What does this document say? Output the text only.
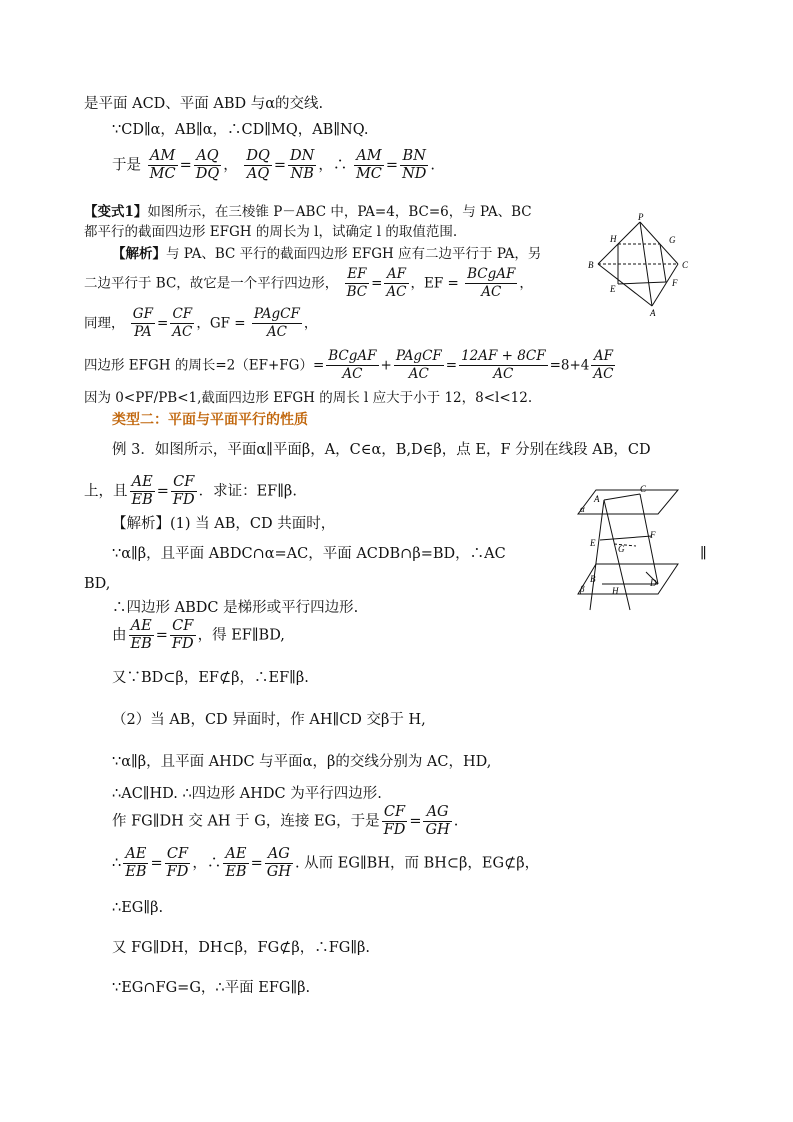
是平面 ACD、平面 ABD 与α的交线.
∵CD∥α，AB∥α，∴CD∥MQ，AB∥NQ.
于是 $\frac{AM}{MC} = \frac{AQ}{DQ}$ ， $\frac{DQ}{AQ} = \frac{DN}{NB}$ ，∴ $\frac{AM}{MC} = \frac{BN}{ND}$ .
【变式1】如图所示，在三棱锥 P－ABC 中，PA=4，BC=6，与 PA、BC
都平行的截面四边形 EFGH 的周长为 l，试确定 l 的取值范围.
【解析】与 PA、BC 平行的截面四边形 EFGH 应有二边平行于 PA，另
二边平行于 BC，故它是一个平行四边形， $\frac{EF}{BC} = \frac{AF}{AC}$ ，EF = $\frac{\text{BCgAF}}{AC}$ ，
同理， $\frac{GF}{PA} = \frac{CF}{AC}$ ，GF = $\frac{\text{PAgCF}}{AC}$ ，
四边形 EFGH 的周长$=2(EF+FG)= \frac{\text{BCgAF}}{AC} + \frac{\text{PAgCF}}{AC} = \frac{12AF + 8CF}{AC} =8+4 \frac{AF}{AC}$
因为 0<PF/PB<1,截面四边形 EFGH 的周长 l 应大于小于 12，8<l<12.
类型二：平面与平面平行的性质
例 3．如图所示，平面α∥平面β，A，C∈α，B,D∈β，点 E，F 分别在线段 AB，CD
上，且 $\frac{AE}{EB} = \frac{CF}{FD}$ ．求证：EF∥β.
【解析】(1) 当 AB，CD 共面时，
∵α∥β，且平面 ABDC∩α=AC，平面 ACDB∩β=BD，∴AC	∥
BD,
∴四边形 ABDC 是梯形或平行四边形.
由 $\frac{AE}{EB} = \frac{CF}{FD}$ ，得 EF∥BD,
又∵BD⊂β，EF⊄β，∴EF∥β.
（2）当 AB，CD 异面时，作 AH∥CD 交β于 H,
∵α∥β，且平面 AHDC 与平面α，β的交线分别为 AC，HD,
∴AC∥HD. ∴四边形 AHDC 为平行四边形.
作 FG∥DH 交 AH 于 G，连接 EG，于是 $\frac{CF}{FD} = \frac{AG}{GH}$ .
∴ $\frac{AE}{EB} = \frac{CF}{FD}$ ，∴ $\frac{AE}{EB} = \frac{AG}{GH}$ . 从而 EG∥BH，而 BH⊂β，EG⊄β，
∴EG∥β.
又 FG∥DH，DH⊂β，FG⊄β，∴FG∥β.
∵EG∩FG=G，∴平面 EFG∥β.
P
H	G
B	C
E
F
A
A
C
α
E
F
G
B	D
H
β
